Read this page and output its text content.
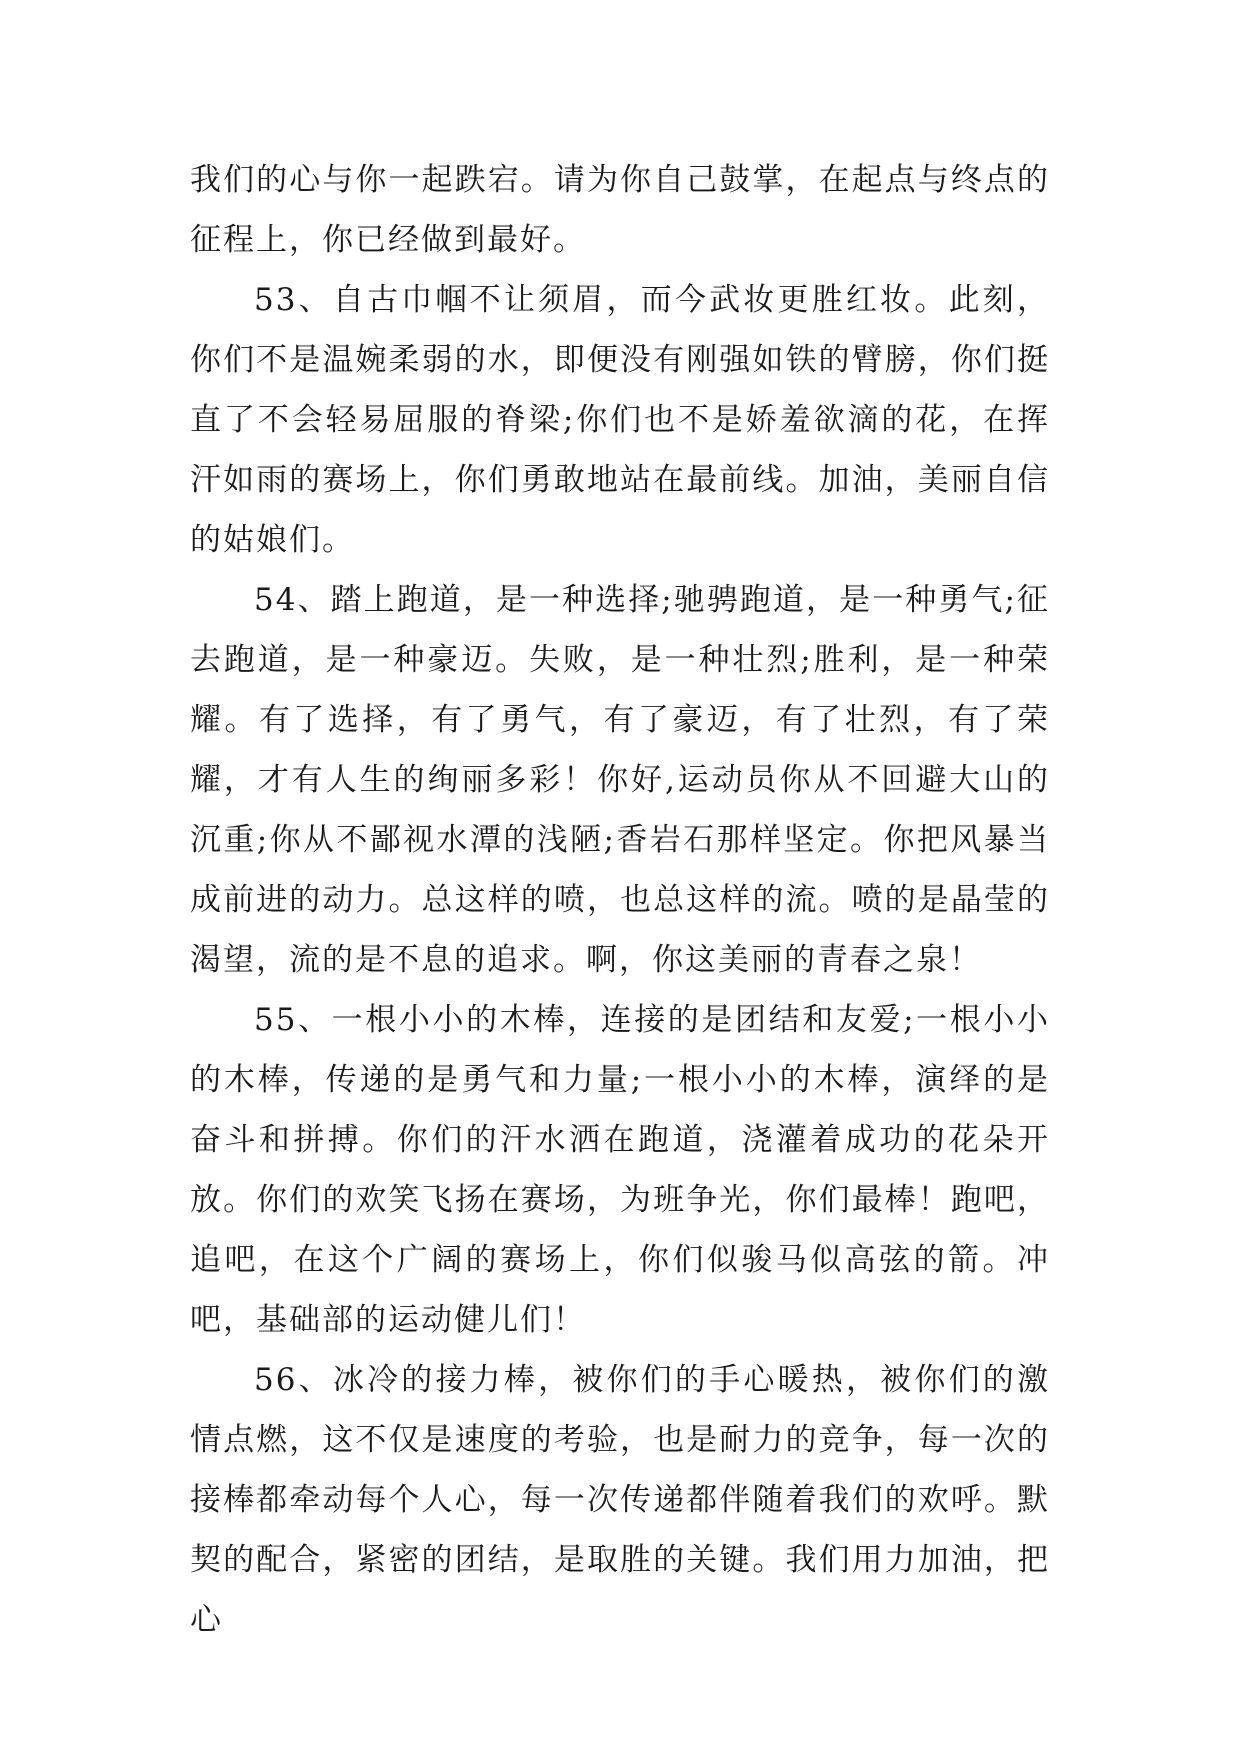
我们的心与你一起跌宕。请为你自己鼓掌，在起点与终点的征程上，你已经做到最好。

53、自古巾帼不让须眉，而今武妆更胜红妆。此刻，你们不是温婉柔弱的水，即便没有刚强如铁的臂膀，你们挺直了不会轻易屈服的脊梁;你们也不是娇羞欲滴的花，在挥汗如雨的赛场上，你们勇敢地站在最前线。加油，美丽自信的姑娘们。

54、踏上跑道，是一种选择;驰骋跑道，是一种勇气;征去跑道，是一种豪迈。失败，是一种壮烈;胜利，是一种荣耀。有了选择，有了勇气，有了豪迈，有了壮烈，有了荣耀，才有人生的绚丽多彩！你好,运动员你从不回避大山的沉重;你从不鄙视水潭的浅陋;香岩石那样坚定。你把风暴当成前进的动力。总这样的喷，也总这样的流。喷的是晶莹的渴望，流的是不息的追求。啊，你这美丽的青春之泉！

55、一根小小的木棒，连接的是团结和友爱;一根小小的木棒，传递的是勇气和力量;一根小小的木棒，演绎的是奋斗和拼搏。你们的汗水洒在跑道，浇灌着成功的花朵开放。你们的欢笑飞扬在赛场，为班争光，你们最棒！跑吧，追吧，在这个广阔的赛场上，你们似骏马似高弦的箭。冲吧，基础部的运动健儿们！

56、冰冷的接力棒，被你们的手心暖热，被你们的激情点燃，这不仅是速度的考验，也是耐力的竞争，每一次的接棒都牵动每个人心，每一次传递都伴随着我们的欢呼。默契的配合，紧密的团结，是取胜的关键。我们用力加油，把心
